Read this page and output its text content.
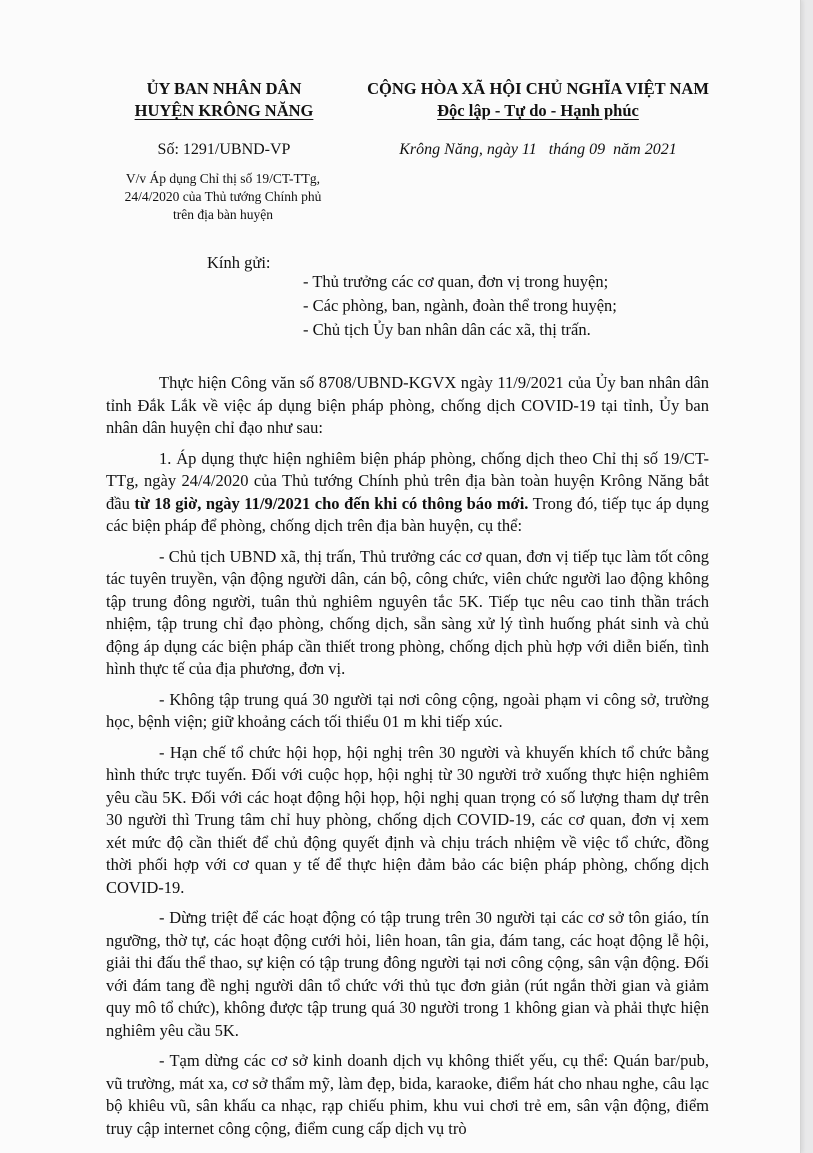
ỦY BAN NHÂN DÂN
HUYỆN KRÔNG NĂNG
CỘNG HÒA XÃ HỘI CHỦ NGHĨA VIỆT NAM
Độc lập - Tự do - Hạnh phúc
Số: 1291/UBND-VP	Krông Năng, ngày 11   tháng 09  năm 2021
V/v Áp dụng Chỉ thị số 19/CT-TTg,
24/4/2020 của Thủ tướng Chính phủ
trên địa bàn huyện
Kính gửi:
- Thủ trưởng các cơ quan, đơn vị trong huyện;
- Các phòng, ban, ngành, đoàn thể trong huyện;
- Chủ tịch Ủy ban nhân dân các xã, thị trấn.

Thực hiện Công văn số 8708/UBND-KGVX ngày 11/9/2021 của Ủy ban nhân dân tỉnh Đắk Lắk về việc áp dụng biện pháp phòng, chống dịch COVID-19 tại tỉnh, Ủy ban nhân dân huyện chỉ đạo như sau:

1. Áp dụng thực hiện nghiêm biện pháp phòng, chống dịch theo Chỉ thị số 19/CT-TTg, ngày 24/4/2020 của Thủ tướng Chính phủ trên địa bàn toàn huyện Krông Năng bắt đầu từ 18 giờ, ngày 11/9/2021 cho đến khi có thông báo mới. Trong đó, tiếp tục áp dụng các biện pháp để phòng, chống dịch trên địa bàn huyện, cụ thể:

- Chủ tịch UBND xã, thị trấn, Thủ trưởng các cơ quan, đơn vị tiếp tục làm tốt công tác tuyên truyền, vận động người dân, cán bộ, công chức, viên chức người lao động không tập trung đông người, tuân thủ nghiêm nguyên tắc 5K. Tiếp tục nêu cao tinh thần trách nhiệm, tập trung chỉ đạo phòng, chống dịch, sẵn sàng xử lý tình huống phát sinh và chủ động áp dụng các biện pháp cần thiết trong phòng, chống dịch phù hợp với diễn biến, tình hình thực tế của địa phương, đơn vị.

- Không tập trung quá 30 người tại nơi công cộng, ngoài phạm vi công sở, trường học, bệnh viện; giữ khoảng cách tối thiểu 01 m khi tiếp xúc.

- Hạn chế tổ chức hội họp, hội nghị trên 30 người và khuyến khích tổ chức bằng hình thức trực tuyến. Đối với cuộc họp, hội nghị từ 30 người trở xuống thực hiện nghiêm yêu cầu 5K. Đối với các hoạt động hội họp, hội nghị quan trọng có số lượng tham dự trên 30 người thì Trung tâm chỉ huy phòng, chống dịch COVID-19, các cơ quan, đơn vị xem xét mức độ cần thiết để chủ động quyết định và chịu trách nhiệm về việc tổ chức, đồng thời phối hợp với cơ quan y tế để thực hiện đảm bảo các biện pháp phòng, chống dịch COVID-19.

- Dừng triệt để các hoạt động có tập trung trên 30 người tại các cơ sở tôn giáo, tín ngưỡng, thờ tự, các hoạt động cưới hỏi, liên hoan, tân gia, đám tang, các hoạt động lễ hội, giải thi đấu thể thao, sự kiện có tập trung đông người tại nơi công cộng, sân vận động. Đối với đám tang đề nghị người dân tổ chức với thủ tục đơn giản (rút ngắn thời gian và giảm quy mô tổ chức), không được tập trung quá 30 người trong 1 không gian và phải thực hiện nghiêm yêu cầu 5K.

- Tạm dừng các cơ sở kinh doanh dịch vụ không thiết yếu, cụ thể: Quán bar/pub, vũ trường, mát xa, cơ sở thẩm mỹ, làm đẹp, bida, karaoke, điểm hát cho nhau nghe, câu lạc bộ khiêu vũ, sân khấu ca nhạc, rạp chiếu phim, khu vui chơi trẻ em, sân vận động, điểm truy cập internet công cộng, điểm cung cấp dịch vụ trò
